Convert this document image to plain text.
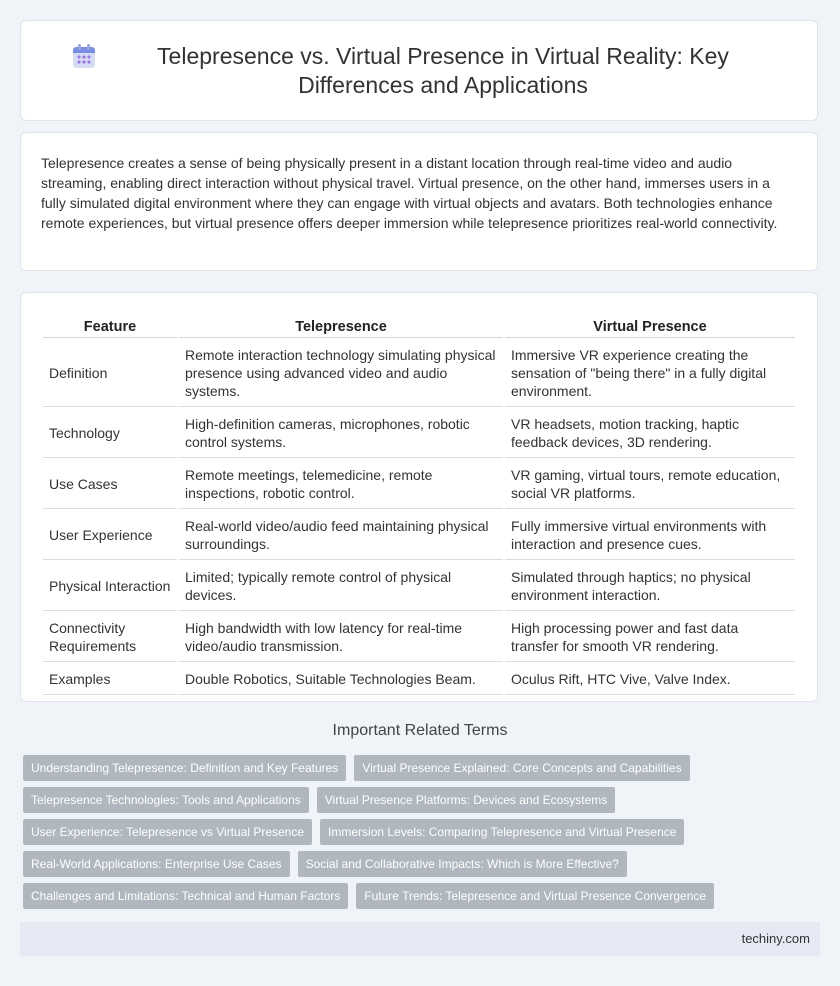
Telepresence vs. Virtual Presence in Virtual Reality: Key Differences and Applications

Telepresence creates a sense of being physically present in a distant location through real-time video and audio streaming, enabling direct interaction without physical travel. Virtual presence, on the other hand, immerses users in a fully simulated digital environment where they can engage with virtual objects and avatars. Both technologies enhance remote experiences, but virtual presence offers deeper immersion while telepresence prioritizes real-world connectivity.

Feature	Telepresence	Virtual Presence
Definition	Remote interaction technology simulating physical presence using advanced video and audio systems.	Immersive VR experience creating the sensation of "being there" in a fully digital environment.
Technology	High-definition cameras, microphones, robotic control systems.	VR headsets, motion tracking, haptic feedback devices, 3D rendering.
Use Cases	Remote meetings, telemedicine, remote inspections, robotic control.	VR gaming, virtual tours, remote education, social VR platforms.
User Experience	Real-world video/audio feed maintaining physical surroundings.	Fully immersive virtual environments with interaction and presence cues.
Physical Interaction	Limited; typically remote control of physical devices.	Simulated through haptics; no physical environment interaction.
Connectivity Requirements	High bandwidth with low latency for real-time video/audio transmission.	High processing power and fast data transfer for smooth VR rendering.
Examples	Double Robotics, Suitable Technologies Beam.	Oculus Rift, HTC Vive, Valve Index.
Important Related Terms
Understanding Telepresence: Definition and Key Features	Virtual Presence Explained: Core Concepts and Capabilities
Telepresence Technologies: Tools and Applications	Virtual Presence Platforms: Devices and Ecosystems
User Experience: Telepresence vs Virtual Presence	Immersion Levels: Comparing Telepresence and Virtual Presence
Real-World Applications: Enterprise Use Cases	Social and Collaborative Impacts: Which is More Effective?
Challenges and Limitations: Technical and Human Factors	Future Trends: Telepresence and Virtual Presence Convergence
techiny.com
